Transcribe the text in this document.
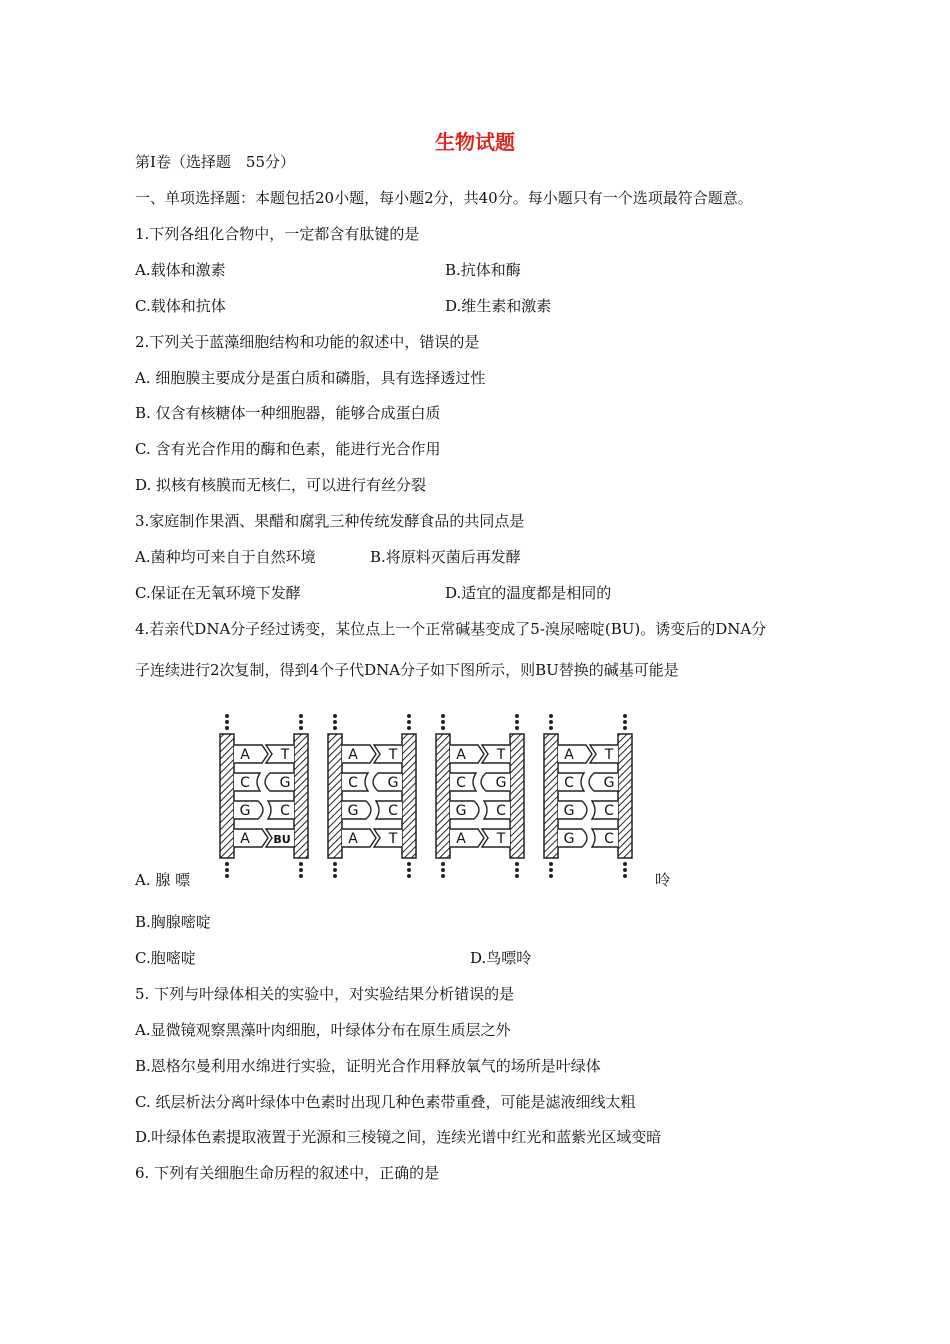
生物试题
第Ⅰ卷（选择题　55分）
一、单项选择题：本题包括20小题，每小题2分，共40分。每小题只有一个选项最符合题意。
1.下列各组化合物中，一定都含有肽键的是
A.载体和激素	B.抗体和酶
C.载体和抗体	D.维生素和激素
2.下列关于蓝藻细胞结构和功能的叙述中，错误的是
A. 细胞膜主要成分是蛋白质和磷脂，具有选择透过性
B. 仅含有核糖体一种细胞器，能够合成蛋白质
C. 含有光合作用的酶和色素，能进行光合作用
D. 拟核有核膜而无核仁，可以进行有丝分裂
3.家庭制作果酒、果醋和腐乳三种传统发酵食品的共同点是
A.菌种均可来自于自然环境	B.将原料灭菌后再发酵
C.保证在无氧环境下发酵	D.适宜的温度都是相同的
4.若亲代DNA分子经过诱变，某位点上一个正常碱基变成了5-溴尿嘧啶(BU)。诱变后的DNA分
子连续进行2次复制，得到4个子代DNA分子如下图所示，则BU替换的碱基可能是
A T
C G
G C
A BU
A T
C G
G C
A T
A T
C G
G C
A T
A T
C G
G C
G C
A. 腺 嘌	呤
B.胸腺嘧啶
C.胞嘧啶	D.鸟嘌呤
5. 下列与叶绿体相关的实验中，对实验结果分析错误的是
A.显微镜观察黑藻叶肉细胞，叶绿体分布在原生质层之外
B.恩格尔曼利用水绵进行实验，证明光合作用释放氧气的场所是叶绿体
C. 纸层析法分离叶绿体中色素时出现几种色素带重叠，可能是滤液细线太粗
D.叶绿体色素提取液置于光源和三棱镜之间，连续光谱中红光和蓝紫光区域变暗
6. 下列有关细胞生命历程的叙述中，正确的是
